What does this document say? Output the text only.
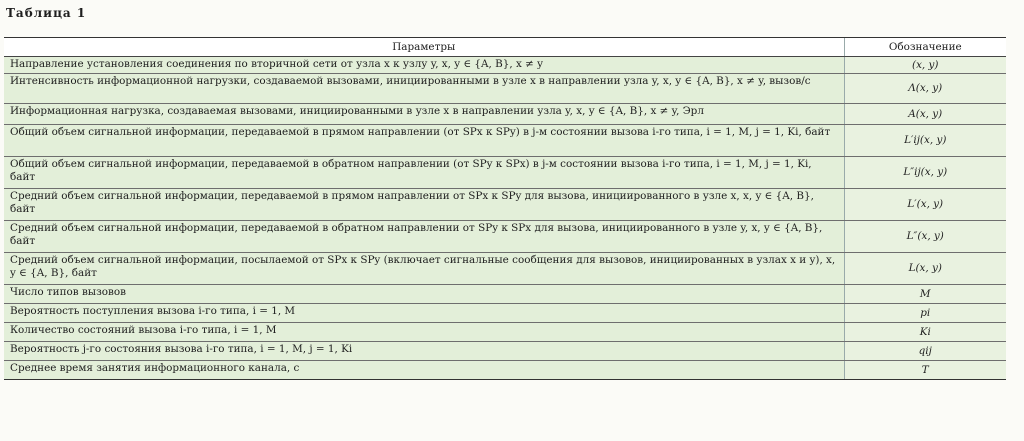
Таблица 1
Параметры	Обозначение
Направление установления соединения по вторичной сети от узла x к узлу y, x, y ∈ {A, B}, x ≠ y	(x, y)
Интенсивность информационной нагрузки, создаваемой вызовами, инициированными в узле x в направлении узла y, x, y ∈ {A, B}, x ≠ y, вызов/с	Λ(x, y)
Информационная нагрузка, создаваемая вызовами, инициированными в узле x в направлении узла y, x, y ∈ {A, B}, x ≠ y, Эрл	A(x, y)
Общий объем сигнальной информации, передаваемой в прямом направлении (от SPx к SPy) в j-м состоянии вызова i-го типа, i = 1, M, j = 1, Ki, байт	L′ij(x, y)
Общий объем сигнальной информации, передаваемой в обратном направлении (от SPy к SPx) в j-м состоянии вызова i-го типа, i = 1, M, j = 1, Ki, байт	L″ij(x, y)
Средний объем сигнальной информации, передаваемой в прямом направлении от SPx к SPy для вызова, инициированного в узле x, x, y ∈ {A, B}, байт	L′(x, y)
Средний объем сигнальной информации, передаваемой в обратном направлении от SPy к SPx для вызова, инициированного в узле y, x, y ∈ {A, B}, байт	L″(x, y)
Средний объем сигнальной информации, посылаемой от SPx к SPy (включает сигнальные сообщения для вызовов, инициированных в узлах x и y), x, y ∈ {A, B}, байт	L(x, y)
Число типов вызовов	M
Вероятность поступления вызова i-го типа, i = 1, M	pi
Количество состояний вызова i-го типа, i = 1, M	Ki
Вероятность j-го состояния вызова i-го типа, i = 1, M, j = 1, Ki	qij
Среднее время занятия информационного канала, с	T
